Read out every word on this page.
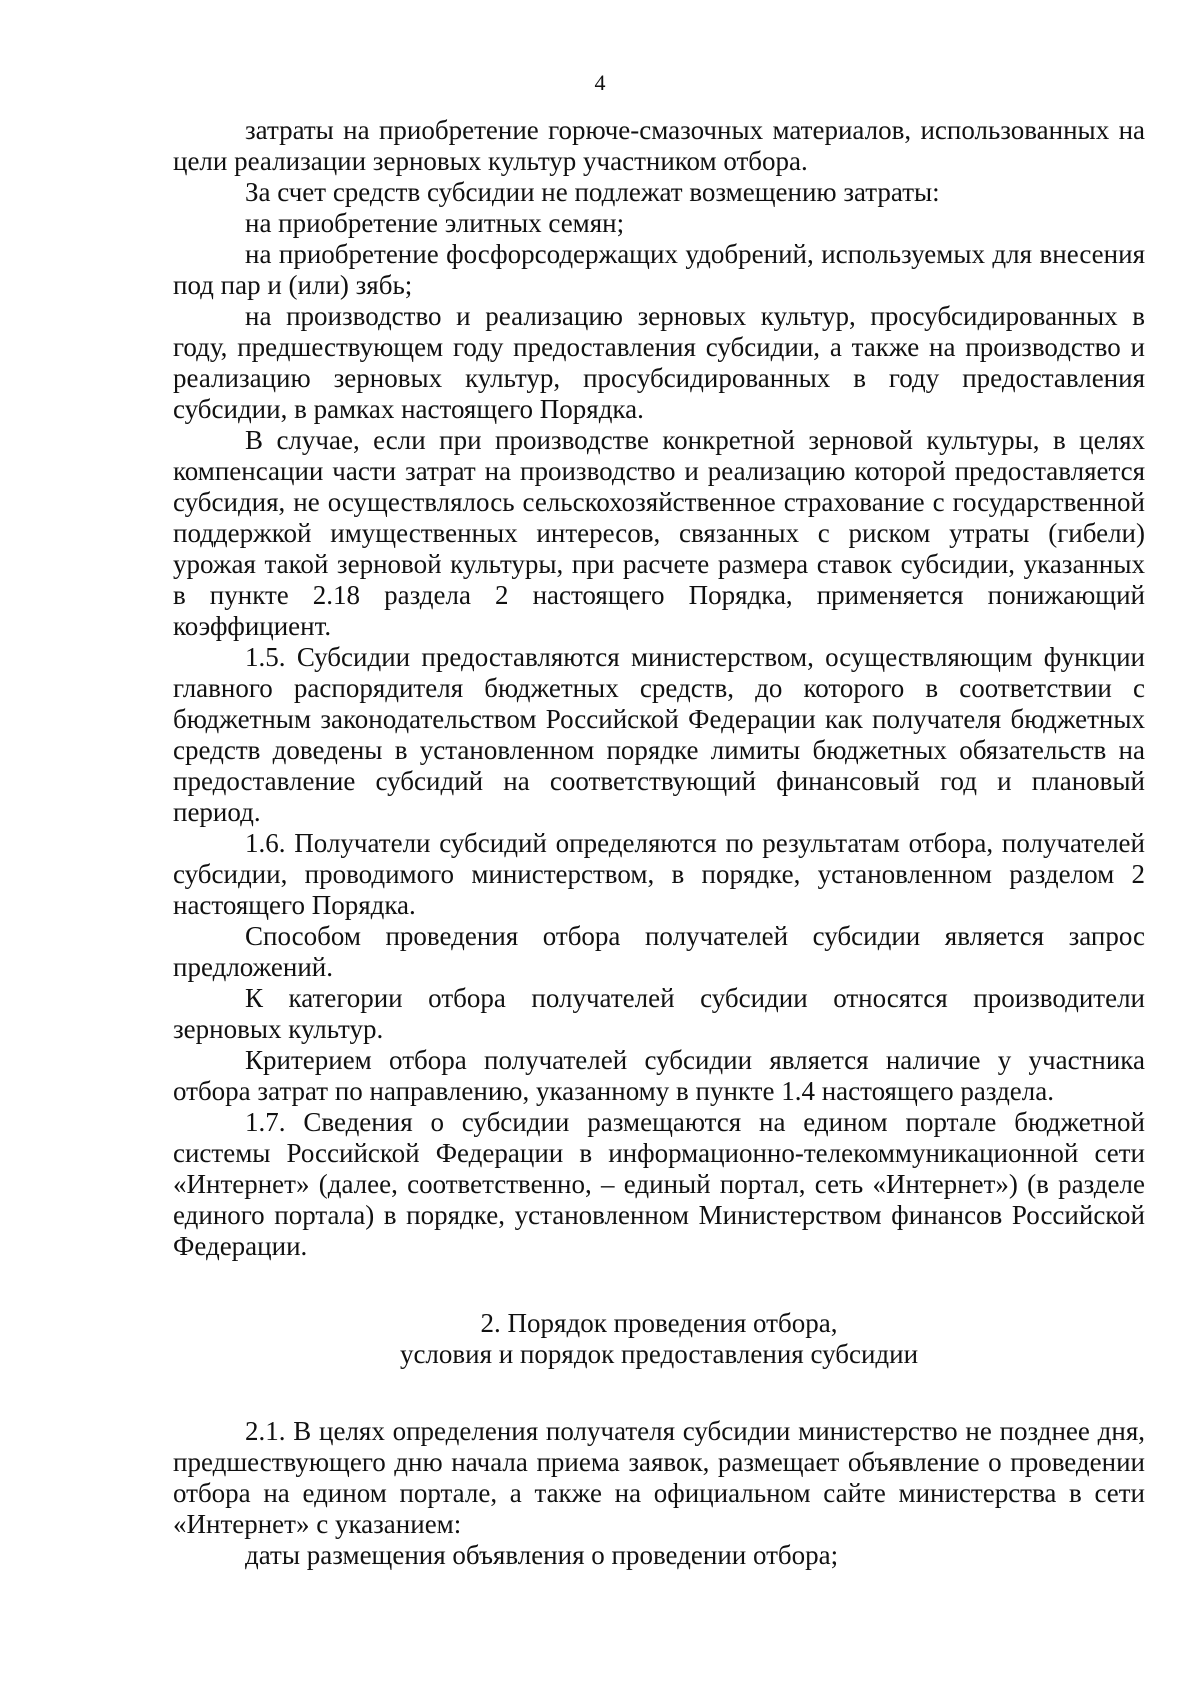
4

затраты на приобретение горюче-смазочных материалов, использованных на цели реализации зерновых культур участником отбора.

За счет средств субсидии не подлежат возмещению затраты:

на приобретение элитных семян;

на приобретение фосфорсодержащих удобрений, используемых для внесения под пар и (или) зябь;

на производство и реализацию зерновых культур, просубсидированных в году, предшествующем году предоставления субсидии, а также на производство и реализацию зерновых культур, просубсидированных в году предоставления субсидии, в рамках настоящего Порядка.

В случае, если при производстве конкретной зерновой культуры, в целях компенсации части затрат на производство и реализацию которой предоставляется субсидия, не осуществлялось сельскохозяйственное страхование с государственной поддержкой имущественных интересов, связанных с риском утраты (гибели) урожая такой зерновой культуры, при расчете размера ставок субсидии, указанных в пункте 2.18 раздела 2 настоящего Порядка, применяется понижающий коэффициент.

1.5. Субсидии предоставляются министерством, осуществляющим функции главного распорядителя бюджетных средств, до которого в соответствии с бюджетным законодательством Российской Федерации как получателя бюджетных средств доведены в установленном порядке лимиты бюджетных обязательств на предоставление субсидий на соответствующий финансовый год и плановый период.

1.6. Получатели субсидий определяются по результатам отбора, получателей субсидии, проводимого министерством, в порядке, установленном разделом 2 настоящего Порядка.

Способом проведения отбора получателей субсидии является запрос предложений.

К категории отбора получателей субсидии относятся производители зерновых культур.

Критерием отбора получателей субсидии является наличие у участника отбора затрат по направлению, указанному в пункте 1.4 настоящего раздела.

1.7. Сведения о субсидии размещаются на едином портале бюджетной системы Российской Федерации в информационно-телекоммуникационной сети «Интернет» (далее, соответственно, – единый портал, сеть «Интернет») (в разделе единого портала) в порядке, установленном Министерством финансов Российской Федерации.

2. Порядок проведения отбора,

условия и порядок предоставления субсидии

2.1. В целях определения получателя субсидии министерство не позднее дня, предшествующего дню начала приема заявок, размещает объявление о проведении отбора на едином портале, а также на официальном сайте министерства в сети «Интернет» с указанием:

даты размещения объявления о проведении отбора;
